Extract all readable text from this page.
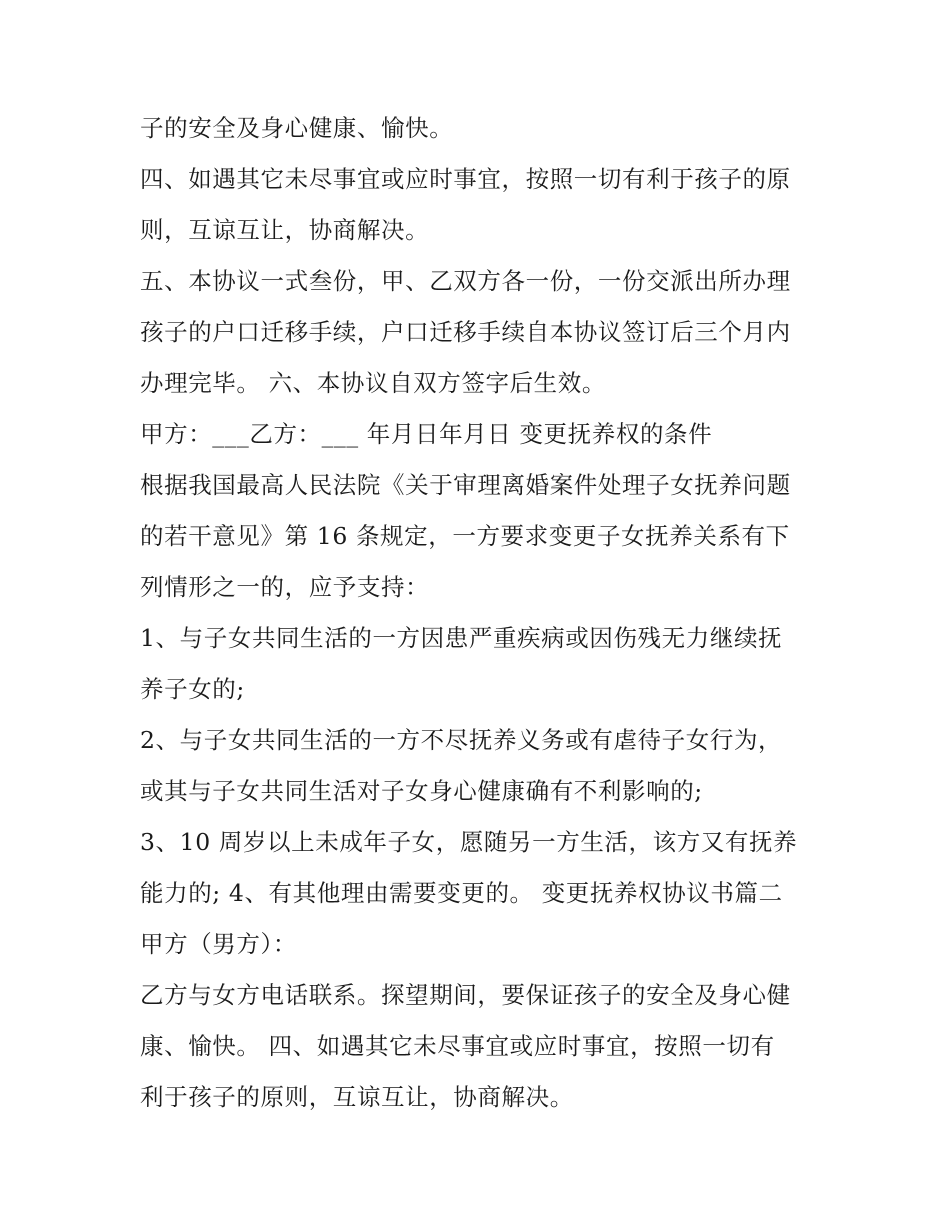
子的安全及身心健康、愉快。
四、如遇其它未尽事宜或应时事宜，按照一切有利于孩子的原
则，互谅互让，协商解决。
五、本协议一式叁份，甲、乙双方各一份，一份交派出所办理
孩子的户口迁移手续，户口迁移手续自本协议签订后三个月内
办理完毕。 六、本协议自双方签字后生效。
甲方：___乙方：___ 年月日年月日 变更抚养权的条件
根据我国最高人民法院《关于审理离婚案件处理子女抚养问题
的若干意见》第 16 条规定，一方要求变更子女抚养关系有下
列情形之一的，应予支持：
1、与子女共同生活的一方因患严重疾病或因伤残无力继续抚
养子女的;
2、与子女共同生活的一方不尽抚养义务或有虐待子女行为，
或其与子女共同生活对子女身心健康确有不利影响的;
3、10 周岁以上未成年子女，愿随另一方生活，该方又有抚养
能力的; 4、有其他理由需要变更的。 变更抚养权协议书篇二
甲方（男方）：
乙方与女方电话联系。探望期间，要保证孩子的安全及身心健
康、愉快。 四、如遇其它未尽事宜或应时事宜，按照一切有
利于孩子的原则，互谅互让，协商解决。
